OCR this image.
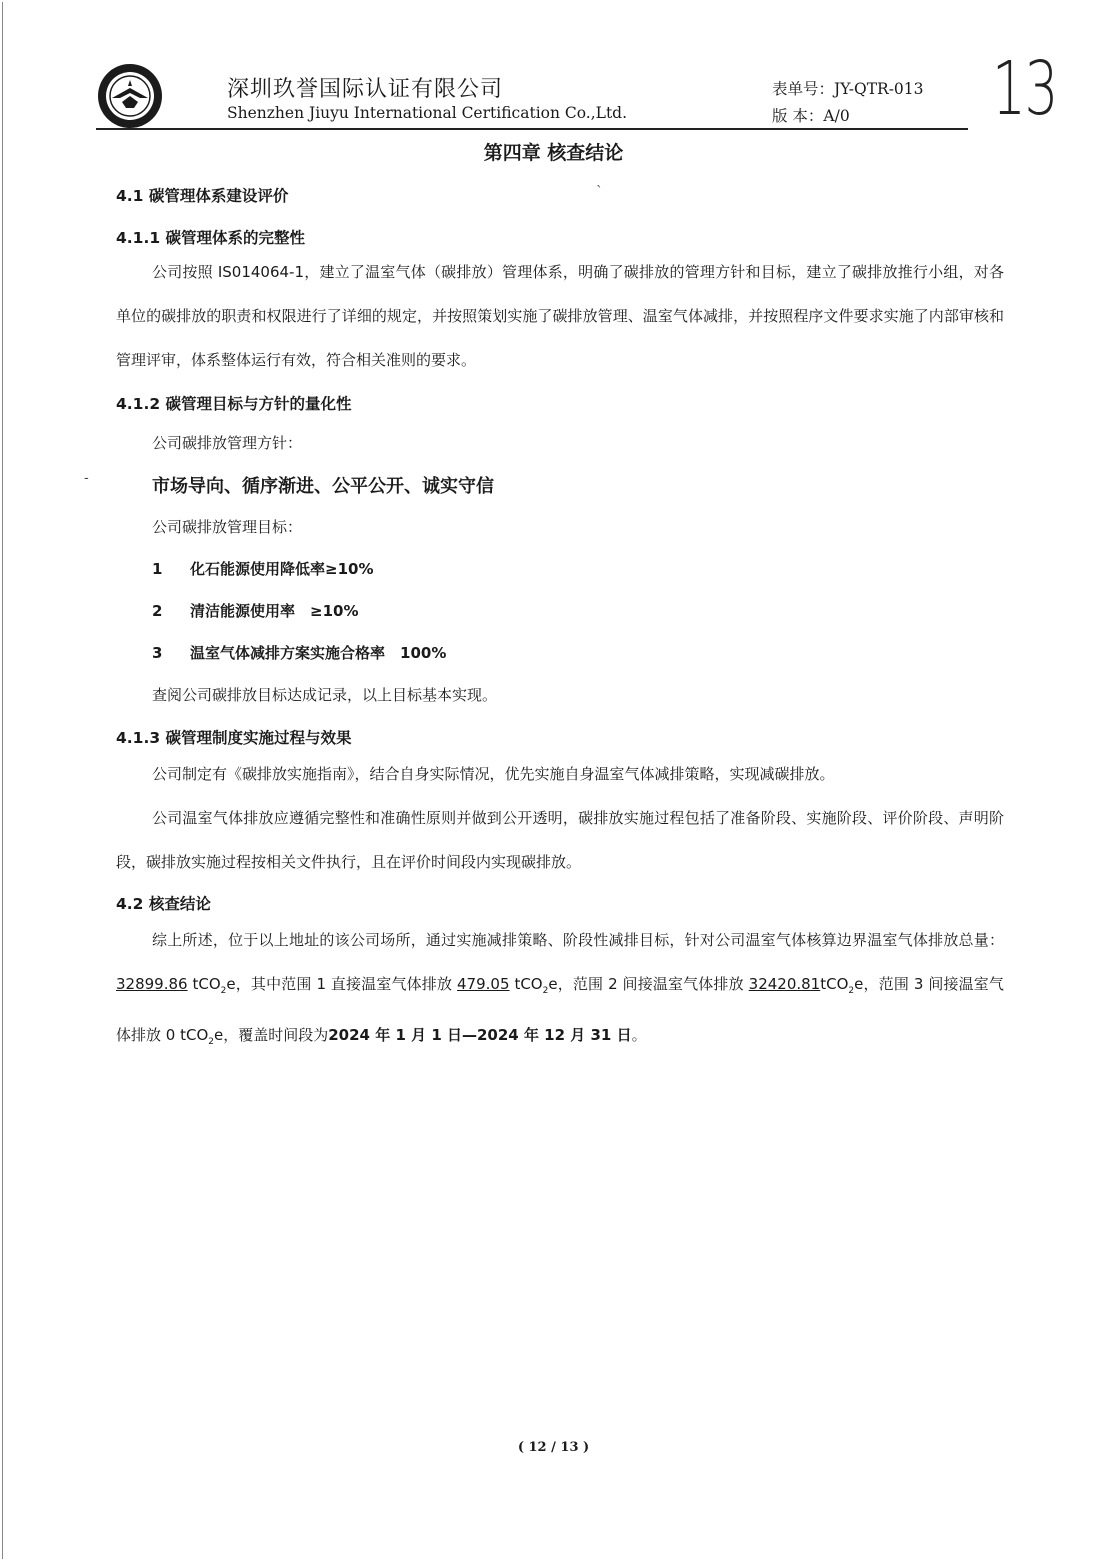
深圳玖誉国际认证有限公司
Shenzhen Jiuyu International Certification Co.,Ltd.
表单号：JY-QTR-013
版 本：A/0 13
第四章 核查结论
`
-
4.1 碳管理体系建设评价
4.1.1 碳管理体系的完整性
公司按照 IS014064-1，建立了温室气体（碳排放）管理体系，明确了碳排放的管理方针和目标，建立了碳排放推行小组，对各单位的碳排放的职责和权限进行了详细的规定，并按照策划实施了碳排放管理、温室气体减排，并按照程序文件要求实施了内部审核和管理评审，体系整体运行有效，符合相关准则的要求。
4.1.2 碳管理目标与方针的量化性
公司碳排放管理方针：
市场导向、循序渐进、公平公开、诚实守信
公司碳排放管理目标：
1 化石能源使用降低率≥10%
2 清洁能源使用率　≥10%
3 温室气体减排方案实施合格率　100%
查阅公司碳排放目标达成记录，以上目标基本实现。
4.1.3 碳管理制度实施过程与效果
公司制定有《碳排放实施指南》，结合自身实际情况，优先实施自身温室气体减排策略，实现减碳排放。
公司温室气体排放应遵循完整性和准确性原则并做到公开透明，碳排放实施过程包括了准备阶段、实施阶段、评价阶段、声明阶段，碳排放实施过程按相关文件执行，且在评价时间段内实现碳排放。
4.2 核查结论
综上所述，位于以上地址的该公司场所，通过实施减排策略、阶段性减排目标，针对公司温室气体核算边界温室气体排放总量：32899.86 tCO$_2$e，其中范围 1 直接温室气体排放 479.05 tCO$_2$e，范围 2 间接温室气体排放 32420.81tCO$_2$e，范围 3 间接温室气体排放 0 tCO$_2$e，覆盖时间段为2024 年 1 月 1 日—2024 年 12 月 31 日。
( 12 / 13 )
